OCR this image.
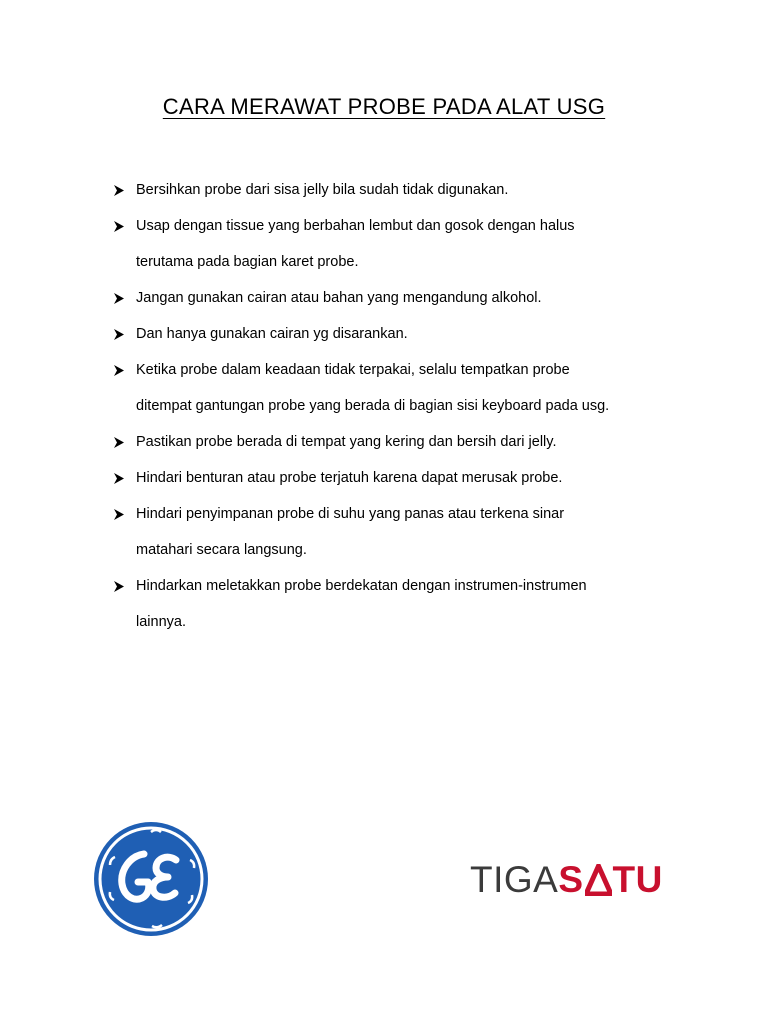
CARA MERAWAT PROBE PADA ALAT USG
Bersihkan probe dari sisa jelly bila sudah tidak digunakan.
Usap dengan tissue yang berbahan lembut dan gosok dengan halus
terutama pada bagian karet probe.
Jangan gunakan cairan atau bahan yang mengandung alkohol.
Dan hanya gunakan cairan yg disarankan.
Ketika probe dalam keadaan tidak terpakai, selalu tempatkan probe
ditempat gantungan probe yang berada di bagian sisi keyboard pada usg.
Pastikan probe berada di tempat yang kering dan bersih dari jelly.
Hindari benturan atau probe terjatuh karena dapat merusak probe.
Hindari penyimpanan probe di suhu yang panas atau terkena sinar
matahari secara langsung.
Hindarkan meletakkan probe berdekatan dengan instrumen-instrumen
lainnya.
TIGA S TU
